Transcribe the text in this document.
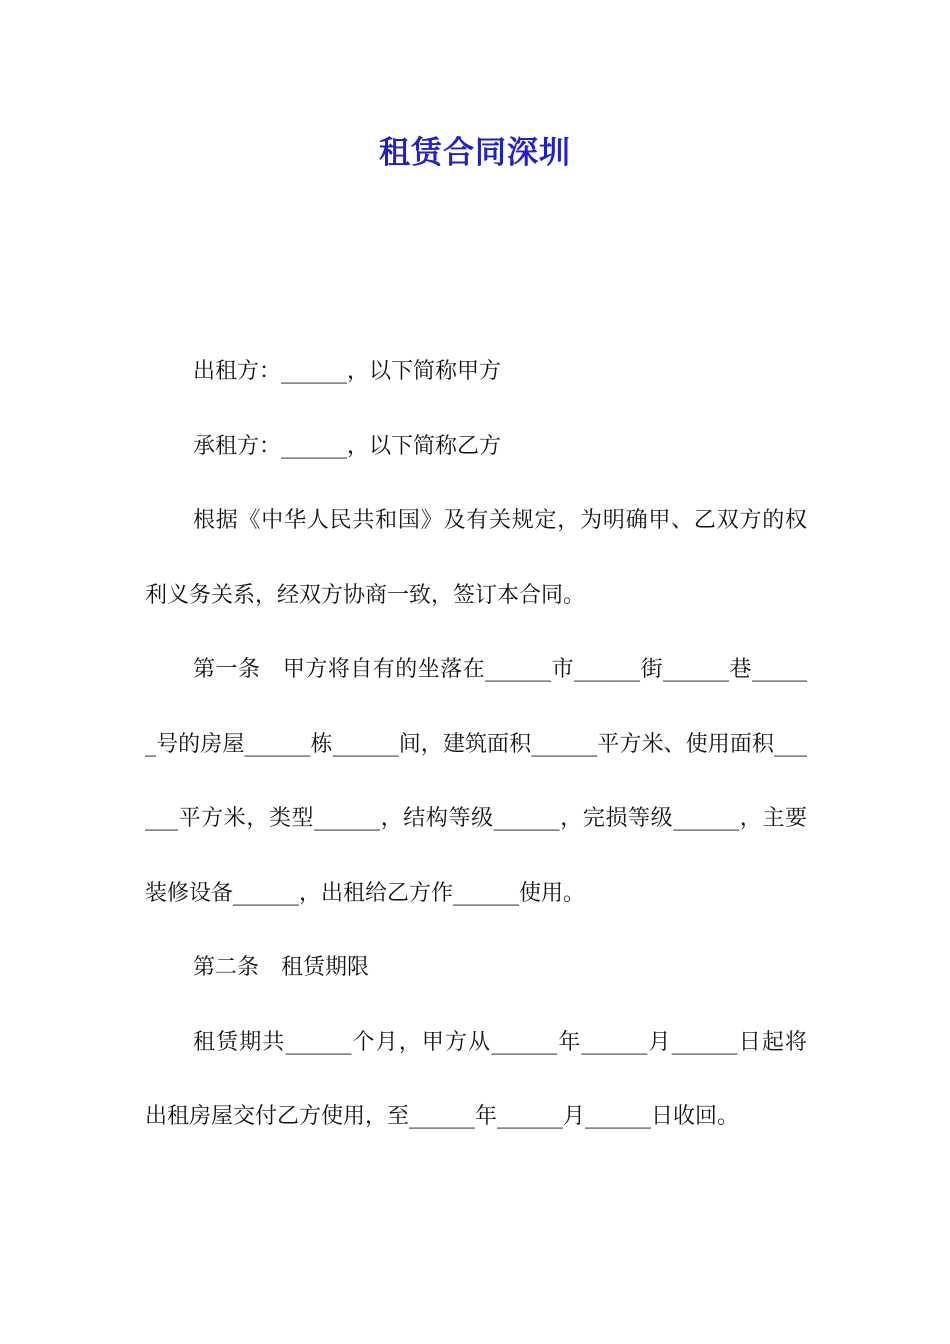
租赁合同深圳

出租方：______，以下简称甲方

承租方：______，以下简称乙方

根据《中华人民共和国》及有关规定，为明确甲、乙双方的权利义务关系，经双方协商一致，签订本合同。

第一条　甲方将自有的坐落在______市______街______巷______号的房屋______栋______间，建筑面积______平方米、使用面积______平方米，类型______，结构等级______，完损等级______，主要装修设备______，出租给乙方作______使用。

第二条　租赁期限

租赁期共______个月，甲方从______年______月______日起将出租房屋交付乙方使用，至______年______月______日收回。
